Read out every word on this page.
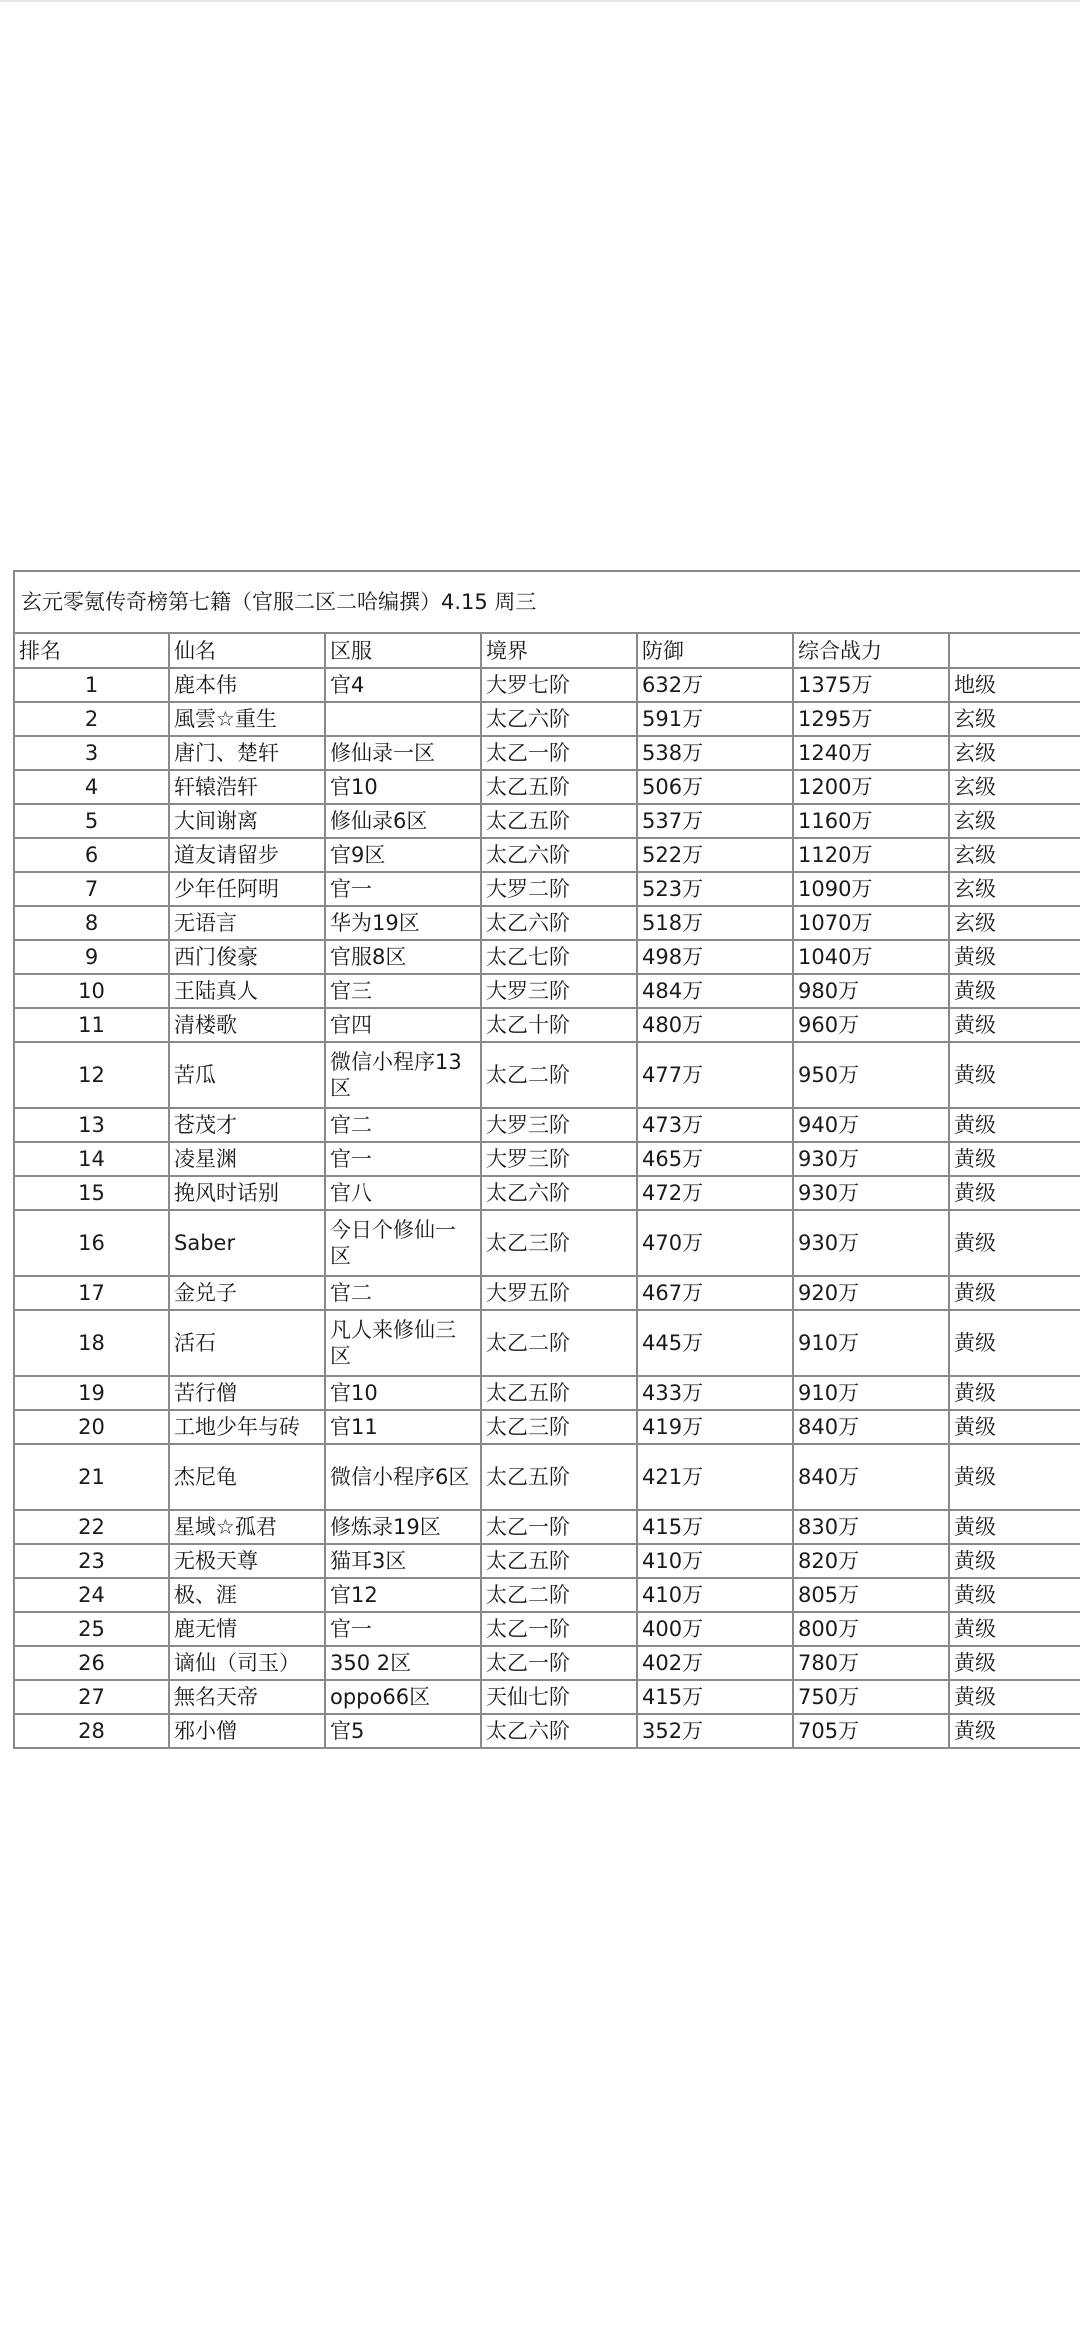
玄元零氪传奇榜第七籍（官服二区二哈编撰）4.15 周三						
排名	仙名	区服	境界	防御	综合战力	
1	鹿本伟	官4	大罗七阶	632万	1375万	地级
2	風雲☆重生		太乙六阶	591万	1295万	玄级
3	唐门、楚轩	修仙录一区	太乙一阶	538万	1240万	玄级
4	轩辕浩轩	官10	太乙五阶	506万	1200万	玄级
5	大间谢离	修仙录6区	太乙五阶	537万	1160万	玄级
6	道友请留步	官9区	太乙六阶	522万	1120万	玄级
7	少年任阿明	官一	大罗二阶	523万	1090万	玄级
8	无语言	华为19区	太乙六阶	518万	1070万	玄级
9	西门俊豪	官服8区	太乙七阶	498万	1040万	黄级
10	王陆真人	官三	大罗三阶	484万	980万	黄级
11	清楼歌	官四	太乙十阶	480万	960万	黄级
12	苦瓜	微信小程序13区	太乙二阶	477万	950万	黄级
13	苍茂才	官二	大罗三阶	473万	940万	黄级
14	凌星渊	官一	大罗三阶	465万	930万	黄级
15	挽风时话别	官八	太乙六阶	472万	930万	黄级
16	Saber	今日个修仙一区	太乙三阶	470万	930万	黄级
17	金兑子	官二	大罗五阶	467万	920万	黄级
18	活石	凡人来修仙三区	太乙二阶	445万	910万	黄级
19	苦行僧	官10	太乙五阶	433万	910万	黄级
20	工地少年与砖	官11	太乙三阶	419万	840万	黄级
21	杰尼龟	微信小程序6区	太乙五阶	421万	840万	黄级
22	星域☆孤君	修炼录19区	太乙一阶	415万	830万	黄级
23	无极天尊	猫耳3区	太乙五阶	410万	820万	黄级
24	极、涯	官12	太乙二阶	410万	805万	黄级
25	鹿无情	官一	太乙一阶	400万	800万	黄级
26	谪仙（司玉）	350 2区	太乙一阶	402万	780万	黄级
27	無名天帝	oppo66区	天仙七阶	415万	750万	黄级
28	邪小僧	官5	太乙六阶	352万	705万	黄级
